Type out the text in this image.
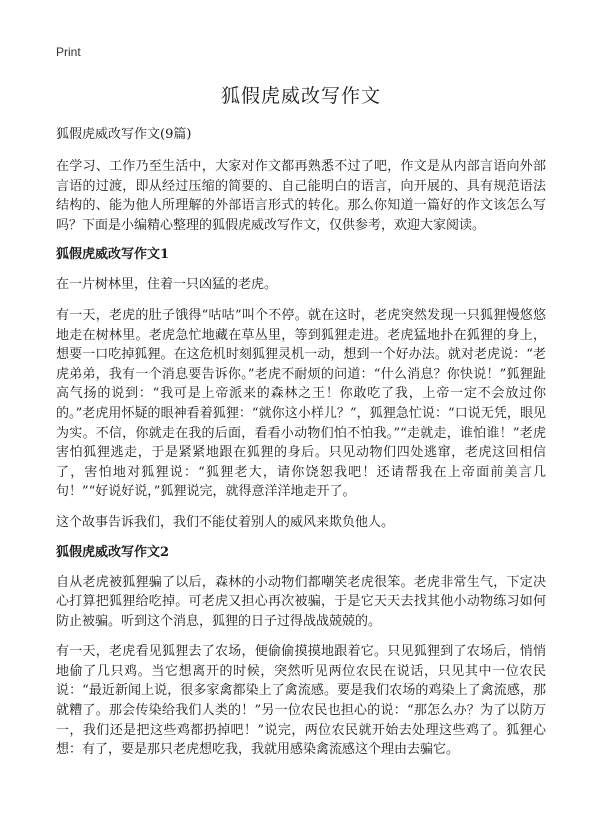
Print
狐假虎威改写作文
狐假虎威改写作文(9篇)

在学习、工作乃至生活中，大家对作文都再熟悉不过了吧，作文是从内部言语向外部言语的过渡，即从经过压缩的简要的、自己能明白的语言，向开展的、具有规范语法结构的、能为他人所理解的外部语言形式的转化。那么你知道一篇好的作文该怎么写吗？下面是小编精心整理的狐假虎威改写作文，仅供参考，欢迎大家阅读。

狐假虎威改写作文1

在一片树林里，住着一只凶猛的老虎。

有一天，老虎的肚子饿得“咕咕”叫个不停。就在这时，老虎突然发现一只狐狸慢悠悠地走在树林里。老虎急忙地藏在草丛里，等到狐狸走进。老虎猛地扑在狐狸的身上，想要一口吃掉狐狸。在这危机时刻狐狸灵机一动，想到一个好办法。就对老虎说：“老虎弟弟，我有一个消息要告诉你。”老虎不耐烦的问道：“什么消息？你快说！”狐狸趾高气扬的说到：“我可是上帝派来的森林之王！你敢吃了我，上帝一定不会放过你的。”老虎用怀疑的眼神看着狐狸：“就你这小样儿？”，狐狸急忙说：“口说无凭，眼见为实。不信，你就走在我的后面，看看小动物们怕不怕我。”“走就走，谁怕谁！”老虎害怕狐狸逃走，于是紧紧地跟在狐狸的身后。只见动物们四处逃窜，老虎这回相信了，害怕地对狐狸说：“狐狸老大，请你饶恕我吧！还请帮我在上帝面前美言几句！”“好说好说，”狐狸说完，就得意洋洋地走开了。

这个故事告诉我们，我们不能仗着别人的威风来欺负他人。

狐假虎威改写作文2

自从老虎被狐狸骗了以后，森林的小动物们都嘲笑老虎很笨。老虎非常生气，下定决心打算把狐狸给吃掉。可老虎又担心再次被骗，于是它天天去找其他小动物练习如何防止被骗。听到这个消息，狐狸的日子过得战战兢兢的。

有一天，老虎看见狐狸去了农场，便偷偷摸摸地跟着它。只见狐狸到了农场后，悄悄地偷了几只鸡。当它想离开的时候，突然听见两位农民在说话，只见其中一位农民说：“最近新闻上说，很多家禽都染上了禽流感。要是我们农场的鸡染上了禽流感，那就糟了。那会传染给我们人类的！”另一位农民也担心的说：“那怎么办？为了以防万一，我们还是把这些鸡都扔掉吧！”说完，两位农民就开始去处理这些鸡了。狐狸心想：有了，要是那只老虎想吃我，我就用感染禽流感这个理由去骗它。
